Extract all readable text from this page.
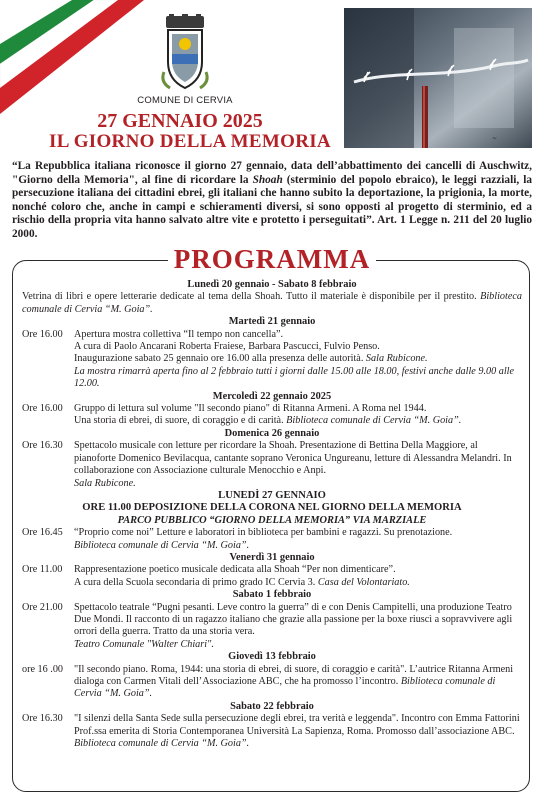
COMUNE DI CERVIA
~
27 GENNAIO 2025
IL GIORNO DELLA MEMORIA
“La Repubblica italiana riconosce il giorno 27 gennaio, data dell’abbattimento dei cancelli di Auschwitz, "Giorno della Memoria", al fine di ricordare la Shoah (sterminio del popolo ebraico), le leggi razziali, la persecuzione italiana dei cittadini ebrei, gli italiani che hanno subito la deportazione, la prigionia, la morte, nonché coloro che, anche in campi e schieramenti diversi, si sono opposti al progetto di sterminio, ed a rischio della propria vita hanno salvato altre vite e protetto i perseguitati”. Art. 1 Legge n. 211 del 20 luglio 2000.
PROGRAMMA
Lunedì 20 gennaio - Sabato 8 febbraio
Vetrina di libri e opere letterarie dedicate al tema della Shoah. Tutto il materiale è disponibile per il prestito. Biblioteca comunale di Cervia “M. Goia”.
Martedì 21 gennaio
Ore 16.00	Apertura mostra collettiva “Il tempo non cancella”.
A cura di Paolo Ancarani Roberta Fraiese, Barbara Pascucci, Fulvio Penso.
Inaugurazione sabato 25 gennaio ore 16.00 alla presenza delle autorità. Sala Rubicone.
La mostra rimarrà aperta fino al 2 febbraio tutti i giorni dalle 15.00 alle 18.00, festivi anche dalle 9.00 alle 12.00.
Mercoledì 22 gennaio 2025
Ore 16.00	Gruppo di lettura sul volume "Il secondo piano" di Ritanna Armeni. A Roma nel 1944.
Una storia di ebrei, di suore, di coraggio e di carità. Biblioteca comunale di Cervia “M. Goia”.
Domenica 26 gennaio
Ore 16.30	Spettacolo musicale con letture per ricordare la Shoah. Presentazione di Bettina Della Maggiore, al pianoforte Domenico Bevilacqua, cantante soprano Veronica Ungureanu, letture di Alessandra Melandri. In collaborazione con Associazione culturale Menocchio e Anpi.
Sala Rubicone.
LUNEDÌ 27 GENNAIO
ORE 11.00 DEPOSIZIONE DELLA CORONA NEL GIORNO DELLA MEMORIA
PARCO PUBBLICO “GIORNO DELLA MEMORIA” VIA MARZIALE
Ore 16.45	“Proprio come noi” Letture e laboratori in biblioteca per bambini e ragazzi. Su prenotazione.
Biblioteca comunale di Cervia “M. Goia”.
Venerdì 31 gennaio
Ore 11.00	Rappresentazione poetico musicale dedicata alla Shoah “Per non dimenticare”.
A cura della Scuola secondaria di primo grado IC Cervia 3. Casa del Volontariato.
Sabato 1 febbraio
Ore 21.00	Spettacolo teatrale “Pugni pesanti. Leve contro la guerra” di e con Denis Campitelli, una produzione Teatro Due Mondi. Il racconto di un ragazzo italiano che grazie alla passione per la boxe riuscì a sopravvivere agli orrori della guerra. Tratto da una storia vera.
Teatro Comunale "Walter Chiari".
Giovedì 13 febbraio
ore 16 .00	"Il secondo piano. Roma, 1944: una storia di ebrei, di suore, di coraggio e carità". L’autrice Ritanna Armeni dialoga con Carmen Vitali dell’Associazione ABC, che ha promosso l’incontro. Biblioteca comunale di Cervia “M. Goia”.
Sabato 22 febbraio
Ore 16.30	"I silenzi della Santa Sede sulla persecuzione degli ebrei, tra verità e leggenda". Incontro con Emma Fattorini Prof.ssa emerita di Storia Contemporanea Università La Sapienza, Roma. Promosso dall’associazione ABC. Biblioteca comunale di Cervia “M. Goia”.
